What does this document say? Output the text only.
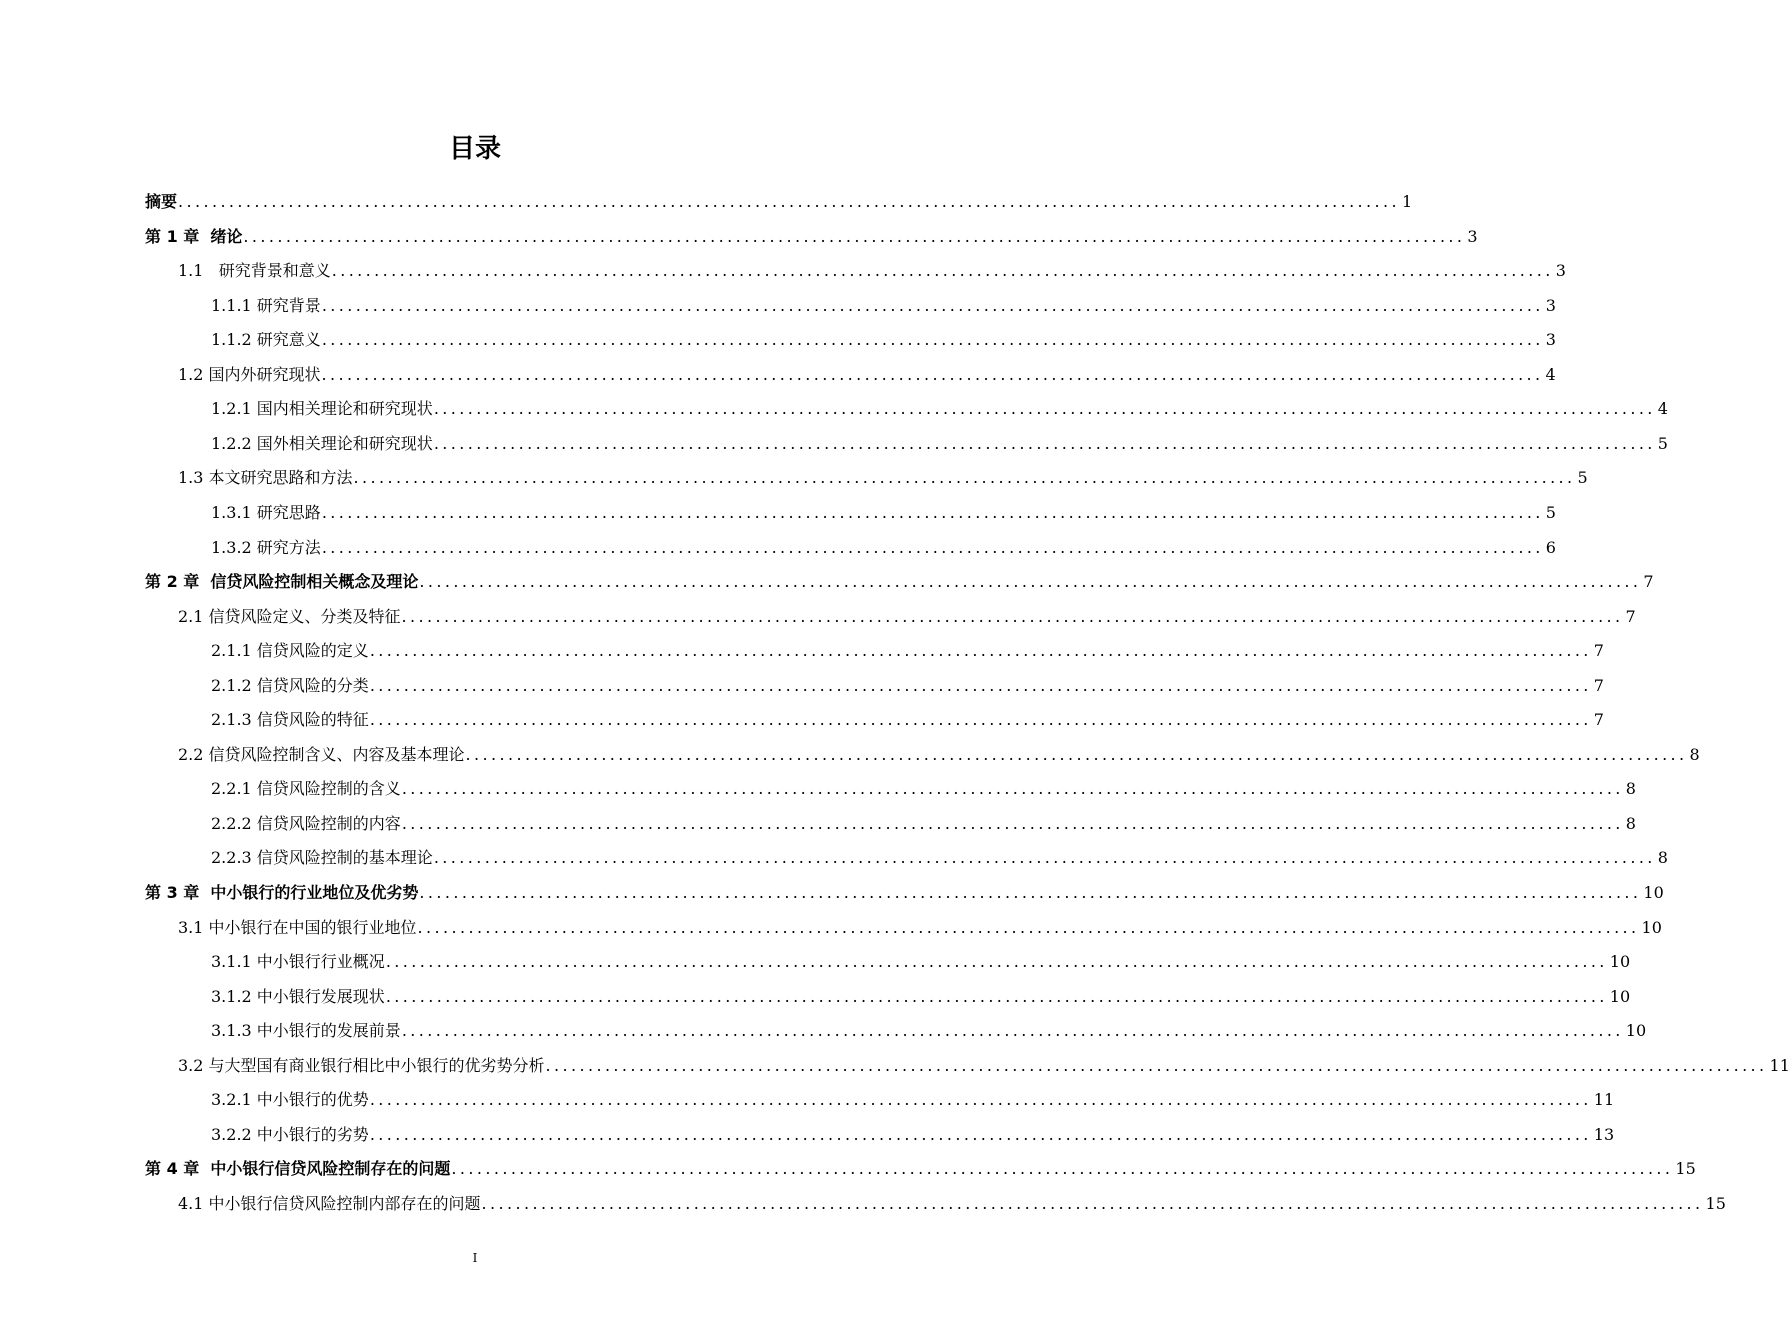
目录
摘要 ................................................................................................................................................ 1
第 1 章  绪论 ................................................................................................................................................ 3
1.1   研究背景和意义 ................................................................................................................................................ 3
1.1.1 研究背景 ................................................................................................................................................ 3
1.1.2 研究意义 ................................................................................................................................................ 3
1.2 国内外研究现状 ................................................................................................................................................ 4
1.2.1 国内相关理论和研究现状 ................................................................................................................................................ 4
1.2.2 国外相关理论和研究现状 ................................................................................................................................................ 5
1.3 本文研究思路和方法 ................................................................................................................................................ 5
1.3.1 研究思路 ................................................................................................................................................ 5
1.3.2 研究方法 ................................................................................................................................................ 6
第 2 章  信贷风险控制相关概念及理论 ................................................................................................................................................ 7
2.1 信贷风险定义、分类及特征 ................................................................................................................................................ 7
2.1.1 信贷风险的定义 ................................................................................................................................................ 7
2.1.2 信贷风险的分类 ................................................................................................................................................ 7
2.1.3 信贷风险的特征 ................................................................................................................................................ 7
2.2 信贷风险控制含义、内容及基本理论 ................................................................................................................................................ 8
2.2.1 信贷风险控制的含义 ................................................................................................................................................ 8
2.2.2 信贷风险控制的内容 ................................................................................................................................................ 8
2.2.3 信贷风险控制的基本理论 ................................................................................................................................................ 8
第 3 章  中小银行的行业地位及优劣势 ................................................................................................................................................ 10
3.1 中小银行在中国的银行业地位 ................................................................................................................................................ 10
3.1.1 中小银行行业概况 ................................................................................................................................................ 10
3.1.2 中小银行发展现状 ................................................................................................................................................ 10
3.1.3 中小银行的发展前景 ................................................................................................................................................ 10
3.2 与大型国有商业银行相比中小银行的优劣势分析 ................................................................................................................................................ 11
3.2.1 中小银行的优势 ................................................................................................................................................ 11
3.2.2 中小银行的劣势 ................................................................................................................................................ 13
第 4 章  中小银行信贷风险控制存在的问题 ................................................................................................................................................ 15
4.1 中小银行信贷风险控制内部存在的问题 ................................................................................................................................................ 15
I
